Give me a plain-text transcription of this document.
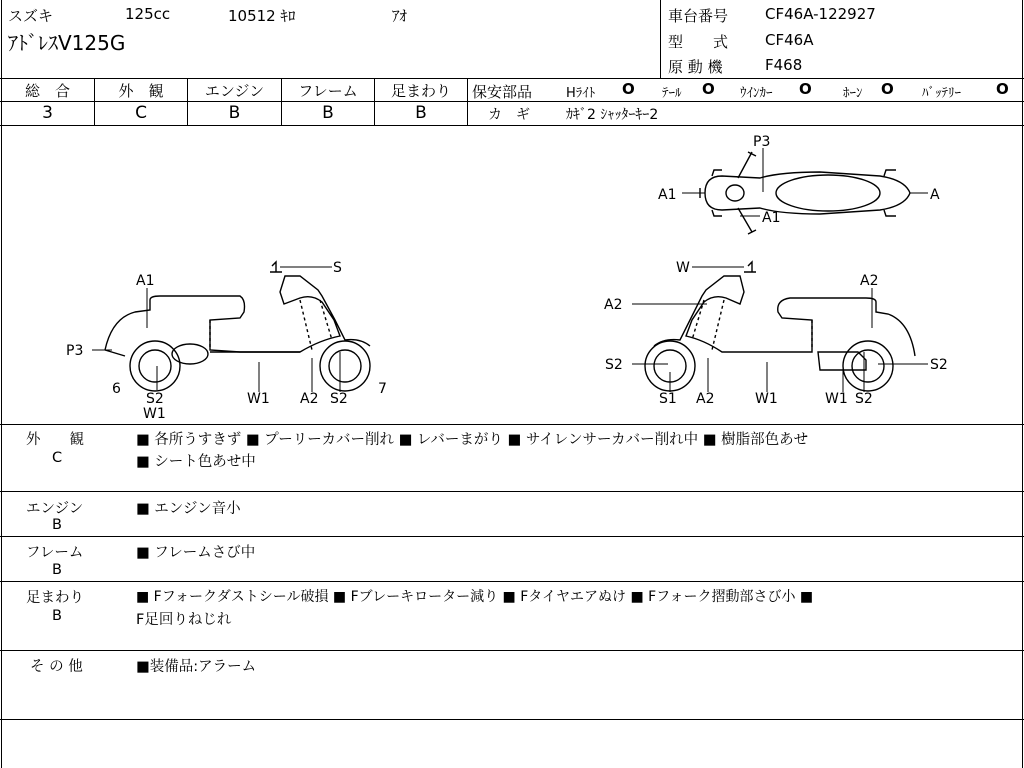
スズキ	125cc	10512 ｷﾛ	ｱｵ
ｱﾄﾞﾚｽV125G
車台番号 CF46A-122927
型　　式 CF46A
原 動 機	F468
総　合	外　観	エンジン	フレーム	足まわり
3	C	B	B	B
保安部品	Hﾗｲﾄ O ﾃｰﾙ O ｳｲﾝｶｰ O ﾎｰﾝ O ﾊﾞｯﾃﾘｰ O
カ　ギ	ｶｷﾞ2 ｼｬｯﾀｰｷｰ2
P3
A1	A
A1
A1
S
P3
6
S2
W1
W1 A2 S2
7
W
A2
A2
S2	S2
S1 A2	W1	W1 S2
外　　観
C
■ 各所うすきず ■ プーリーカバー削れ ■ レバーまがり ■ サイレンサーカバー削れ中 ■ 樹脂部色あせ
■ シート色あせ中
エンジン
B
■ エンジン音小
フレーム
B
■ フレームさび中
足まわり
B
■ Fフォークダストシール破損 ■ Fブレーキローター減り ■ Fタイヤエアぬけ ■ Fフォーク摺動部さび小 ■
F足回りねじれ
そ の 他	■装備品:アラーム
